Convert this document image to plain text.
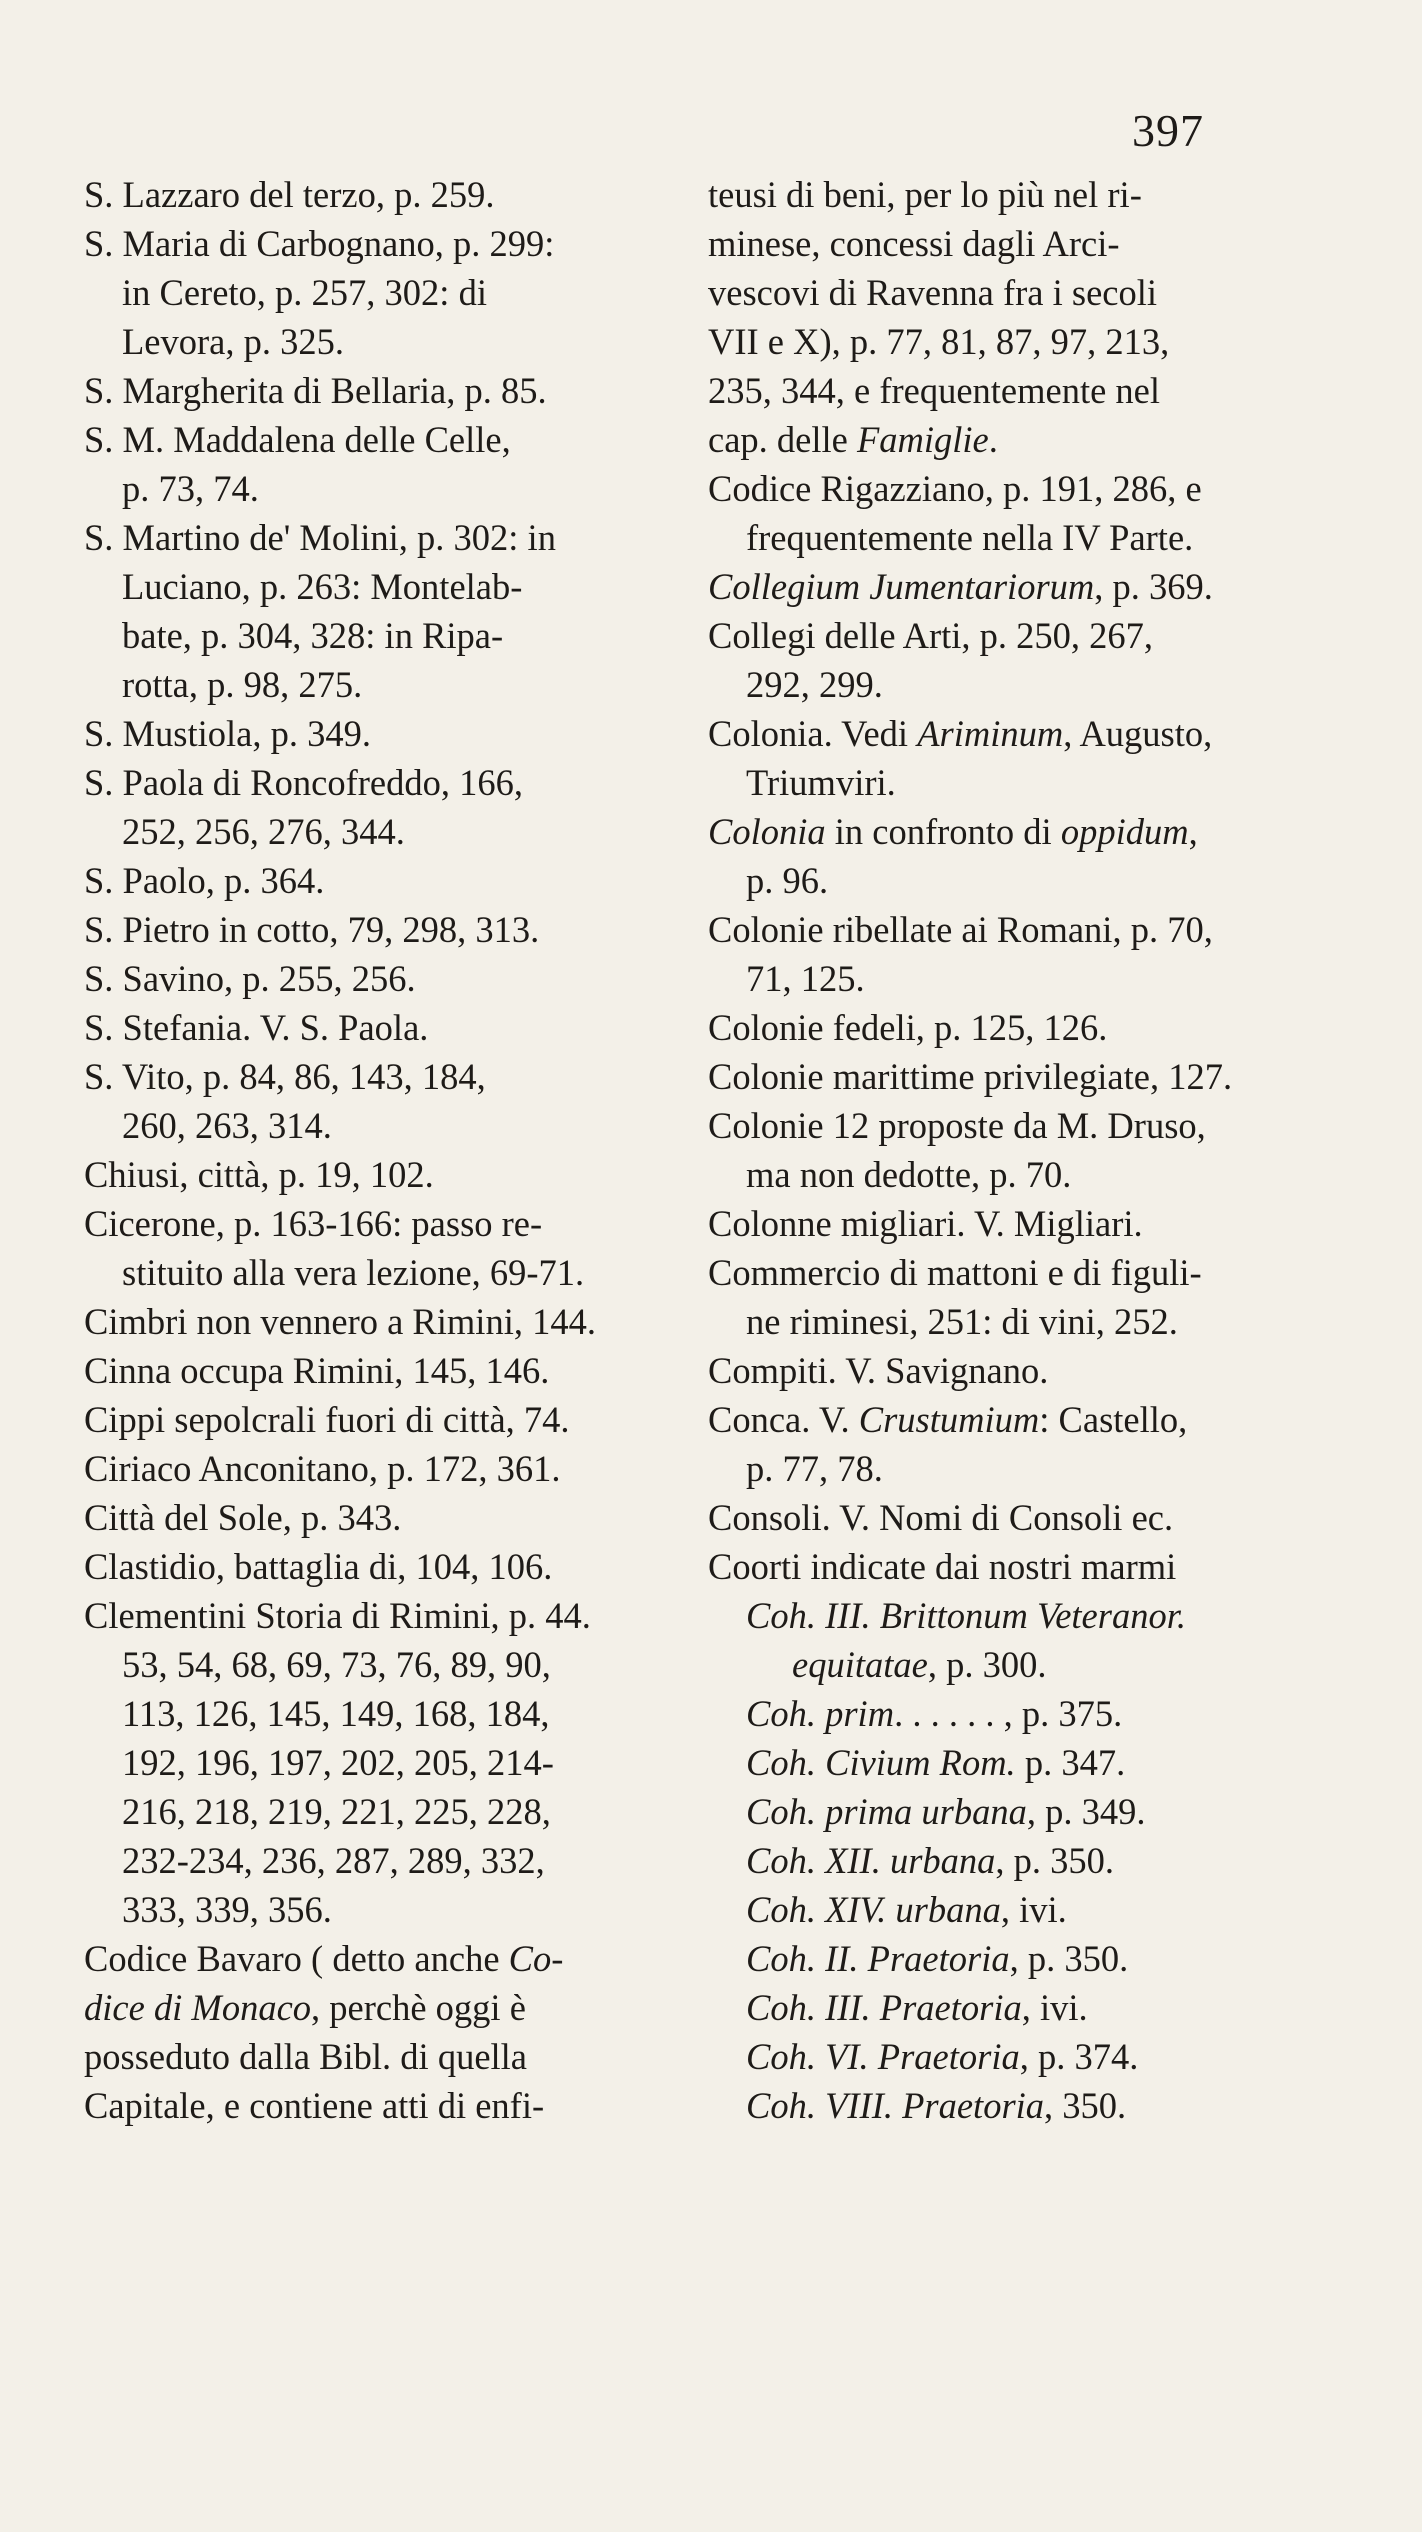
397
S. Lazzaro del terzo, p. 259.
S. Maria di Carbognano, p. 299:
in Cereto, p. 257, 302: di
Levora, p. 325.
S. Margherita di Bellaria, p. 85.
S. M. Maddalena delle Celle,
p. 73, 74.
S. Martino de' Molini, p. 302: in
Luciano, p. 263: Montelab-
bate, p. 304, 328: in Ripa-
rotta, p. 98, 275.
S. Mustiola, p. 349.
S. Paola di Roncofreddo, 166,
252, 256, 276, 344.
S. Paolo, p. 364.
S. Pietro in cotto, 79, 298, 313.
S. Savino, p. 255, 256.
S. Stefania. V. S. Paola.
S. Vito, p. 84, 86, 143, 184,
260, 263, 314.
Chiusi, città, p. 19, 102.
Cicerone, p. 163-166: passo re-
stituito alla vera lezione, 69-71.
Cimbri non vennero a Rimini, 144.
Cinna occupa Rimini, 145, 146.
Cippi sepolcrali fuori di città, 74.
Ciriaco Anconitano, p. 172, 361.
Città del Sole, p. 343.
Clastidio, battaglia di, 104, 106.
Clementini Storia di Rimini, p. 44.
53, 54, 68, 69, 73, 76, 89, 90,
113, 126, 145, 149, 168, 184,
192, 196, 197, 202, 205, 214-
216, 218, 219, 221, 225, 228,
232-234, 236, 287, 289, 332,
333, 339, 356.
Codice Bavaro ( detto anche Co-
dice di Monaco, perchè oggi è
posseduto dalla Bibl. di quella
Capitale, e contiene atti di enfi-
teusi di beni, per lo più nel ri-
minese, concessi dagli Arci-
vescovi di Ravenna fra i secoli
VII e X), p. 77, 81, 87, 97, 213,
235, 344, e frequentemente nel
cap. delle Famiglie.
Codice Rigazziano, p. 191, 286, e
frequentemente nella IV Parte.
Collegium Jumentariorum, p. 369.
Collegi delle Arti, p. 250, 267,
292, 299.
Colonia. Vedi Ariminum, Augusto,
Triumviri.
Colonia in confronto di oppidum,
p. 96.
Colonie ribellate ai Romani, p. 70,
71, 125.
Colonie fedeli, p. 125, 126.
Colonie marittime privilegiate, 127.
Colonie 12 proposte da M. Druso,
ma non dedotte, p. 70.
Colonne migliari. V. Migliari.
Commercio di mattoni e di figuli-
ne riminesi, 251: di vini, 252.
Compiti. V. Savignano.
Conca. V. Crustumium: Castello,
p. 77, 78.
Consoli. V. Nomi di Consoli ec.
Coorti indicate dai nostri marmi
Coh. III. Brittonum Veteranor.
equitatae, p. 300.
Coh. prim. . . . . . , p. 375.
Coh. Civium Rom. p. 347.
Coh. prima urbana, p. 349.
Coh. XII. urbana, p. 350.
Coh. XIV. urbana, ivi.
Coh. II. Praetoria, p. 350.
Coh. III. Praetoria, ivi.
Coh. VI. Praetoria, p. 374.
Coh. VIII. Praetoria, 350.
